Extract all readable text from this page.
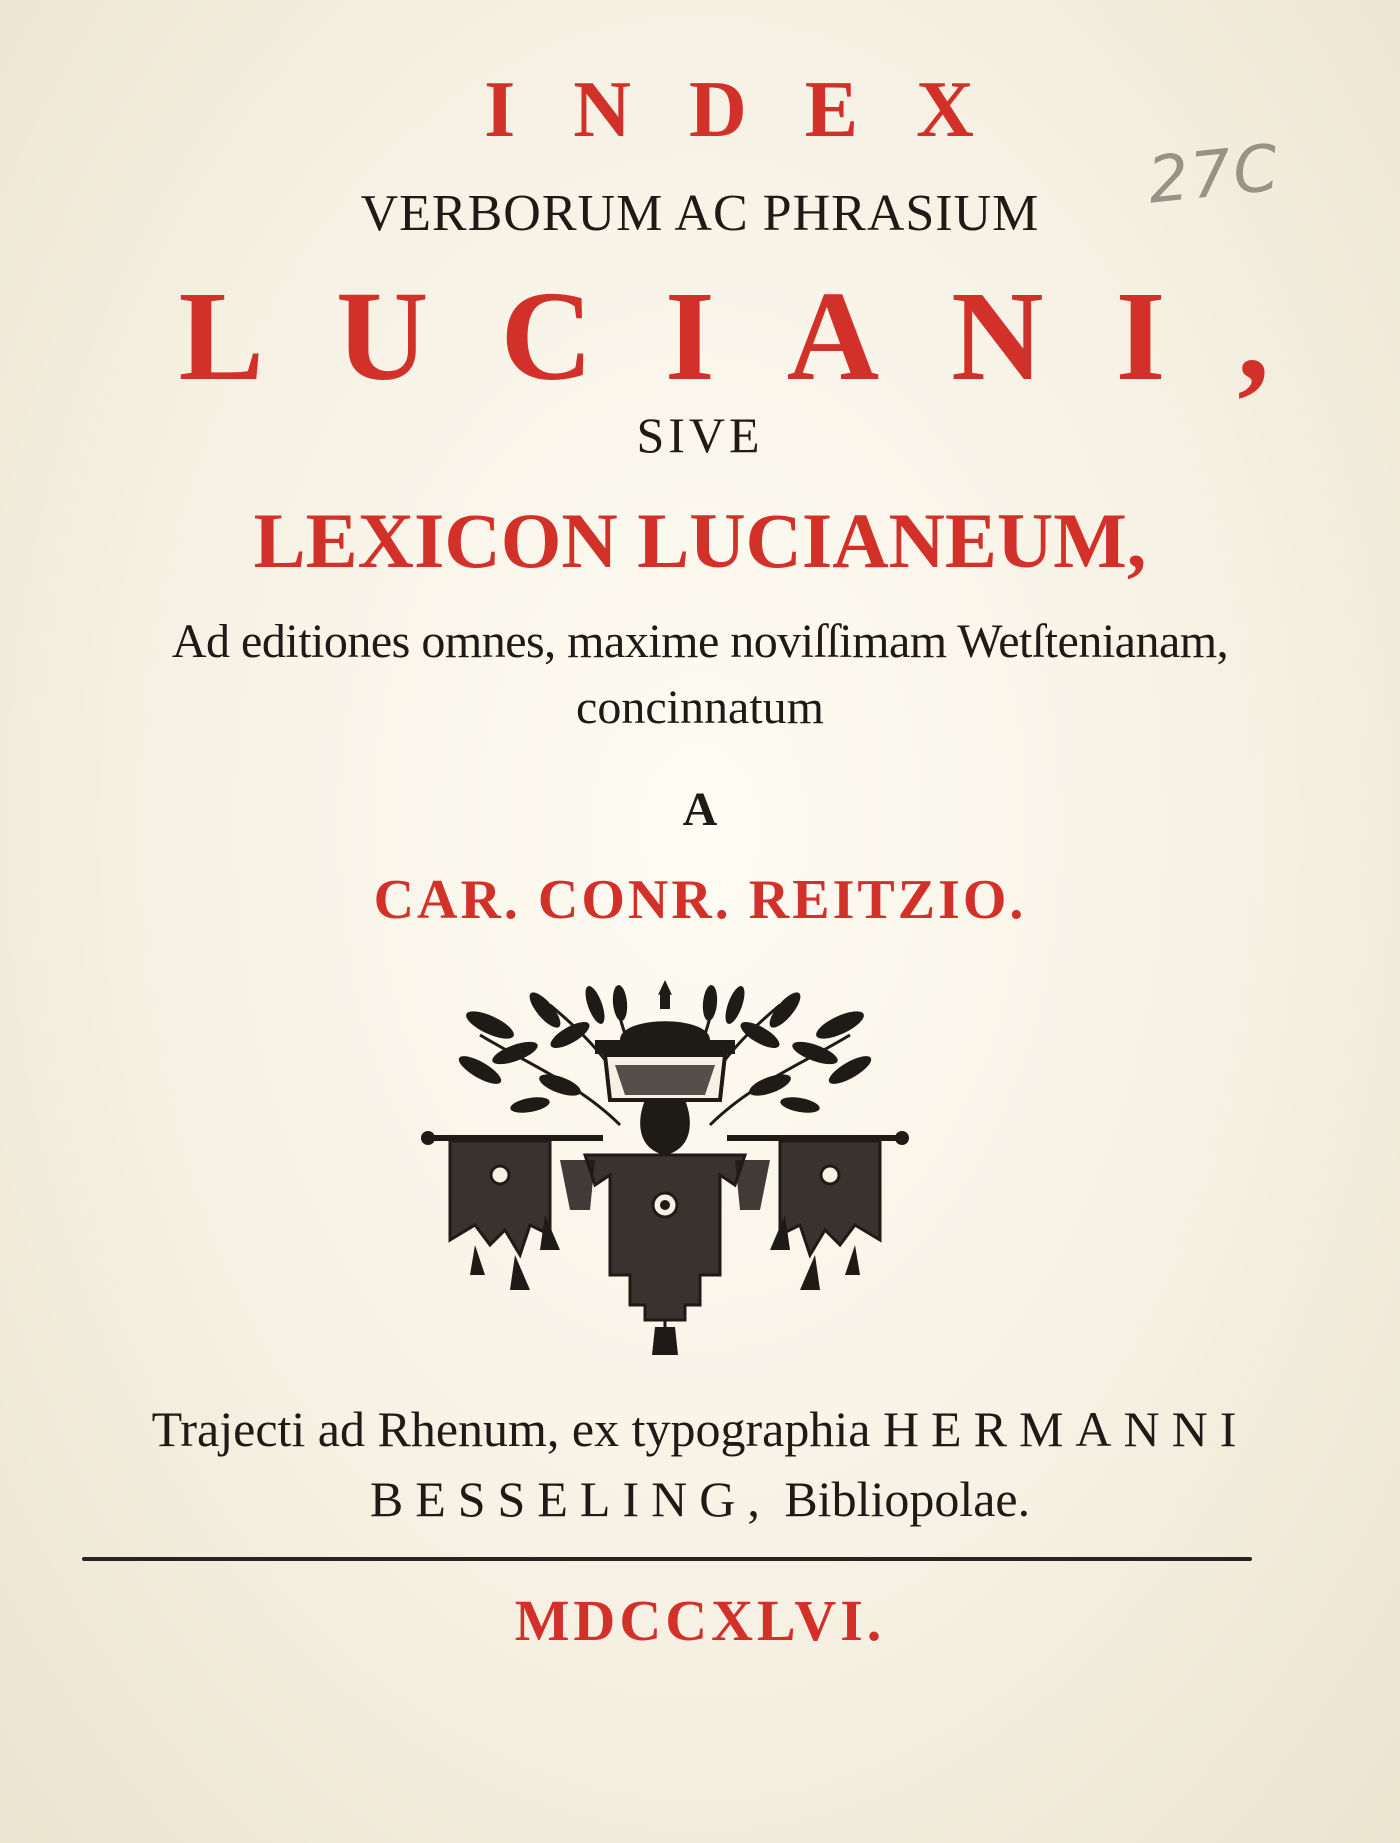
INDEX
VERBORUM AC PHRASIUM
LUCIANI,
SIVE
LEXICON LUCIANEUM,
Ad editiones omnes, maxime noviſſimam Wetſtenianam,
concinnatum
A
CAR. CONR. REITZIO.
27C
Trajecti ad Rhenum, ex typographia HERMANNI
BESSELING, Bibliopolae.
MDCCXLVI.
